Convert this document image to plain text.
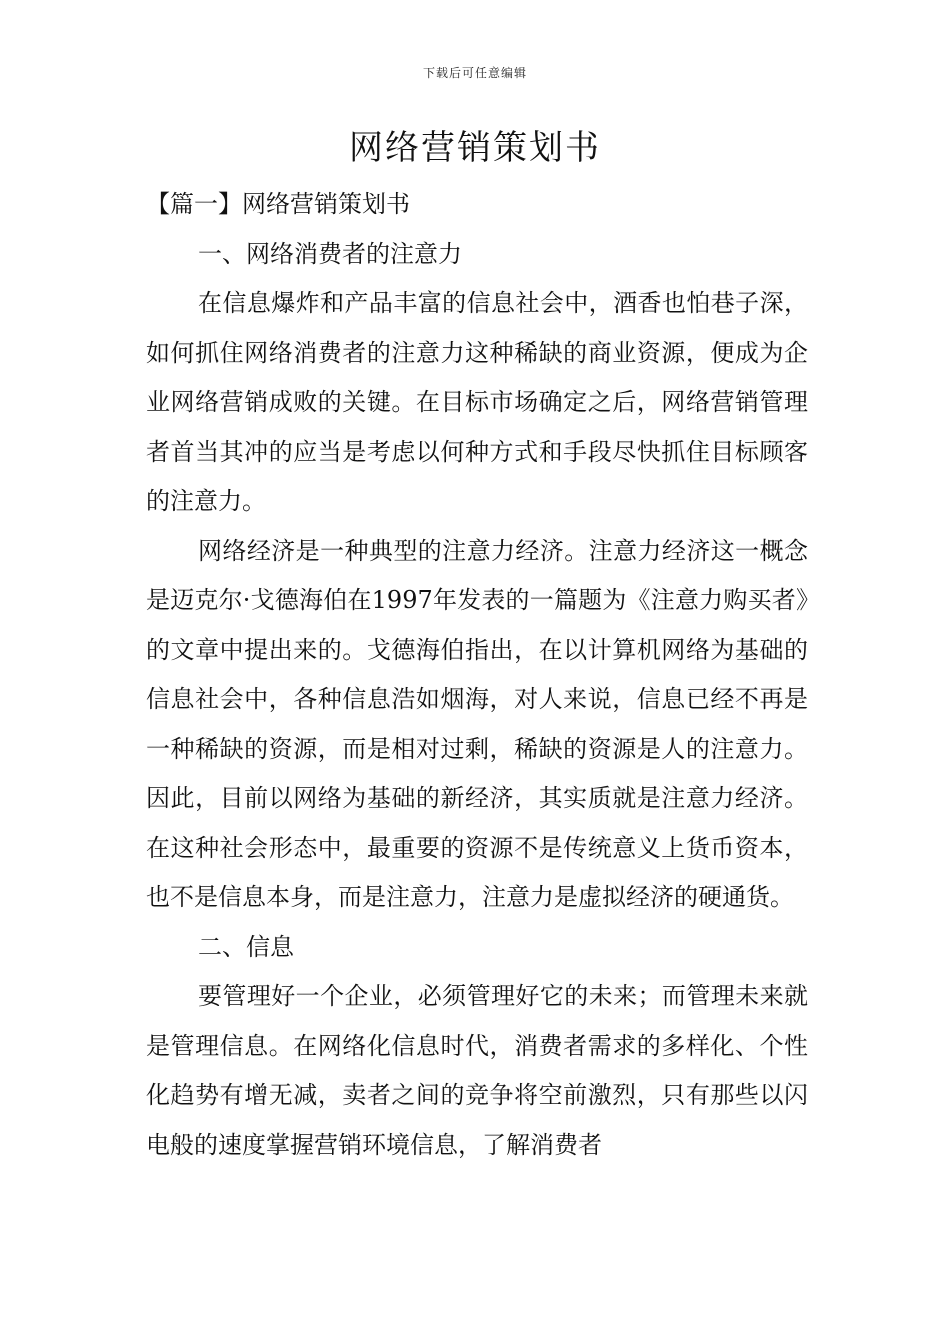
下载后可任意编辑
网络营销策划书

【篇一】网络营销策划书

一、网络消费者的注意力

在信息爆炸和产品丰富的信息社会中，酒香也怕巷子深，如何抓住网络消费者的注意力这种稀缺的商业资源，便成为企业网络营销成败的关键。在目标市场确定之后，网络营销管理者首当其冲的应当是考虑以何种方式和手段尽快抓住目标顾客的注意力。

网络经济是一种典型的注意力经济。注意力经济这一概念是迈克尔·戈德海伯在1997年发表的一篇题为《注意力购买者》的文章中提出来的。戈德海伯指出，在以计算机网络为基础的信息社会中，各种信息浩如烟海，对人来说，信息已经不再是一种稀缺的资源，而是相对过剩，稀缺的资源是人的注意力。因此，目前以网络为基础的新经济，其实质就是注意力经济。在这种社会形态中，最重要的资源不是传统意义上货币资本，也不是信息本身，而是注意力，注意力是虚拟经济的硬通货。

二、信息

要管理好一个企业，必须管理好它的未来；而管理未来就是管理信息。在网络化信息时代，消费者需求的多样化、个性化趋势有增无减，卖者之间的竞争将空前激烈，只有那些以闪电般的速度掌握营销环境信息，了解消费者
